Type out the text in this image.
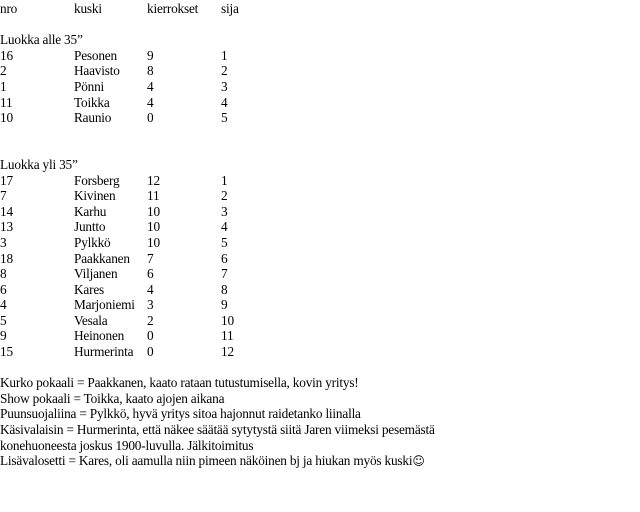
nro	kuski	kierrokset	sija
Luokka alle 35”
16	Pesonen	9	1
2	Haavisto	8	2
1	Pönni	4	3
11	Toikka	4	4
10	Raunio	0	5
Luokka yli 35”
17	Forsberg	12	1
7	Kivinen	11	2
14	Karhu	10	3
13	Juntto	10	4
3	Pylkkö	10	5
18	Paakkanen	7	6
8	Viljanen	6	7
6	Kares	4	8
4	Marjoniemi 3	9
5	Vesala	2	10
9	Heinonen	0	11
15	Hurmerinta	0	12
Kurko pokaali = Paakkanen, kaato rataan tutustumisella, kovin yritys!
Show pokaali = Toikka, kaato ajojen aikana
Puunsuojaliina = Pylkkö, hyvä yritys sitoa hajonnut raidetanko liinalla
Käsivalaisin = Hurmerinta, että näkee säätää sytytystä siitä Jaren viimeksi pesemästä
konehuoneesta joskus 1900-luvulla. Jälkitoimitus
Lisävalosetti = Kares, oli aamulla niin pimeen näköinen bj ja hiukan myös kuski☺
